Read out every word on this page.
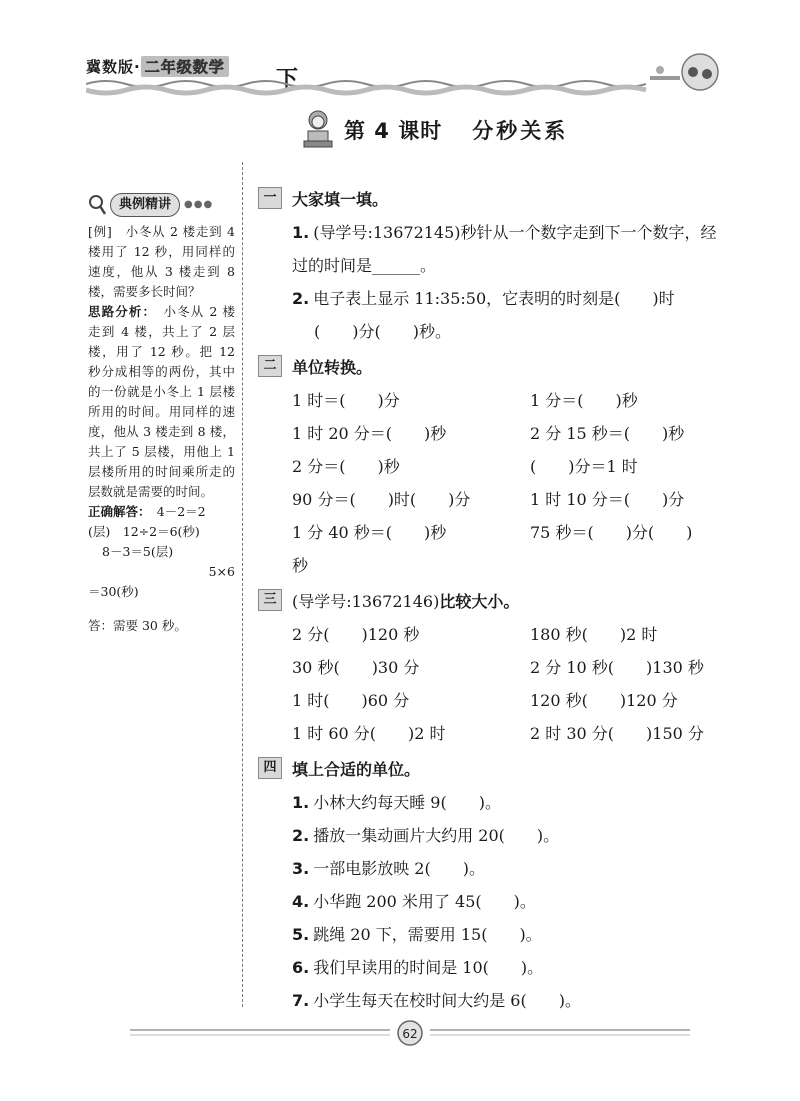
冀数版· 二年级数学 下
第 4 课时 分秒关系
典例精讲	●●●

[例]　 小冬从 2 楼走到 4 楼用了 12 秒，用同样的速度，他从 3 楼走到 8 楼，需要多长时间？

思路分析：　 小冬从 2 楼走到 4 楼，共上了 2 层楼，用了 12 秒。把 12 秒分成相等的两份，其中的一份就是小冬上 1 层楼所用的时间。用同样的速度，他从 3 楼走到 8 楼，共上了 5 层楼，用他上 1 层楼所用的时间乘所走的层数就是需要的时间。

正确解答：　 4－2＝2

(层)　12÷2＝6(秒)

8－3＝5(层)

5×6

＝30(秒)

答：需要 30 秒。

一 大家填一填。
1. (导学号:13672145)秒针从一个数字走到下一个数字，经
过的时间是______。
2. 电子表上显示 11:35:50，它表明的时刻是(　　)时
(　　)分(　　)秒。
二 单位转换。
1 时＝(　　)分	1 分＝(　　)秒
1 时 20 分＝(　　)秒	2 分 15 秒＝(　　)秒
2 分＝(　　)秒	(　　)分＝1 时
90 分＝(　　)时(　　)分	1 时 10 分＝(　　)分
1 分 40 秒＝(　　)秒	75 秒＝(　　)分(　　)
秒
三 (导学号:13672146) 比较大小。
2 分(　　)120 秒	180 秒(　　)2 时
30 秒(　　)30 分	2 分 10 秒(　　)130 秒
1 时(　　)60 分	120 秒(　　)120 分
1 时 60 分(　　)2 时	2 时 30 分(　　)150 分
四 填上合适的单位。
1. 小林大约每天睡 9(　　)。
2. 播放一集动画片大约用 20(　　)。
3. 一部电影放映 2(　　)。
4. 小华跑 200 米用了 45(　　)。
5. 跳绳 20 下，需要用 15(　　)。
6. 我们早读用的时间是 10(　　)。
7. 小学生每天在校时间大约是 6(　　)。
62
